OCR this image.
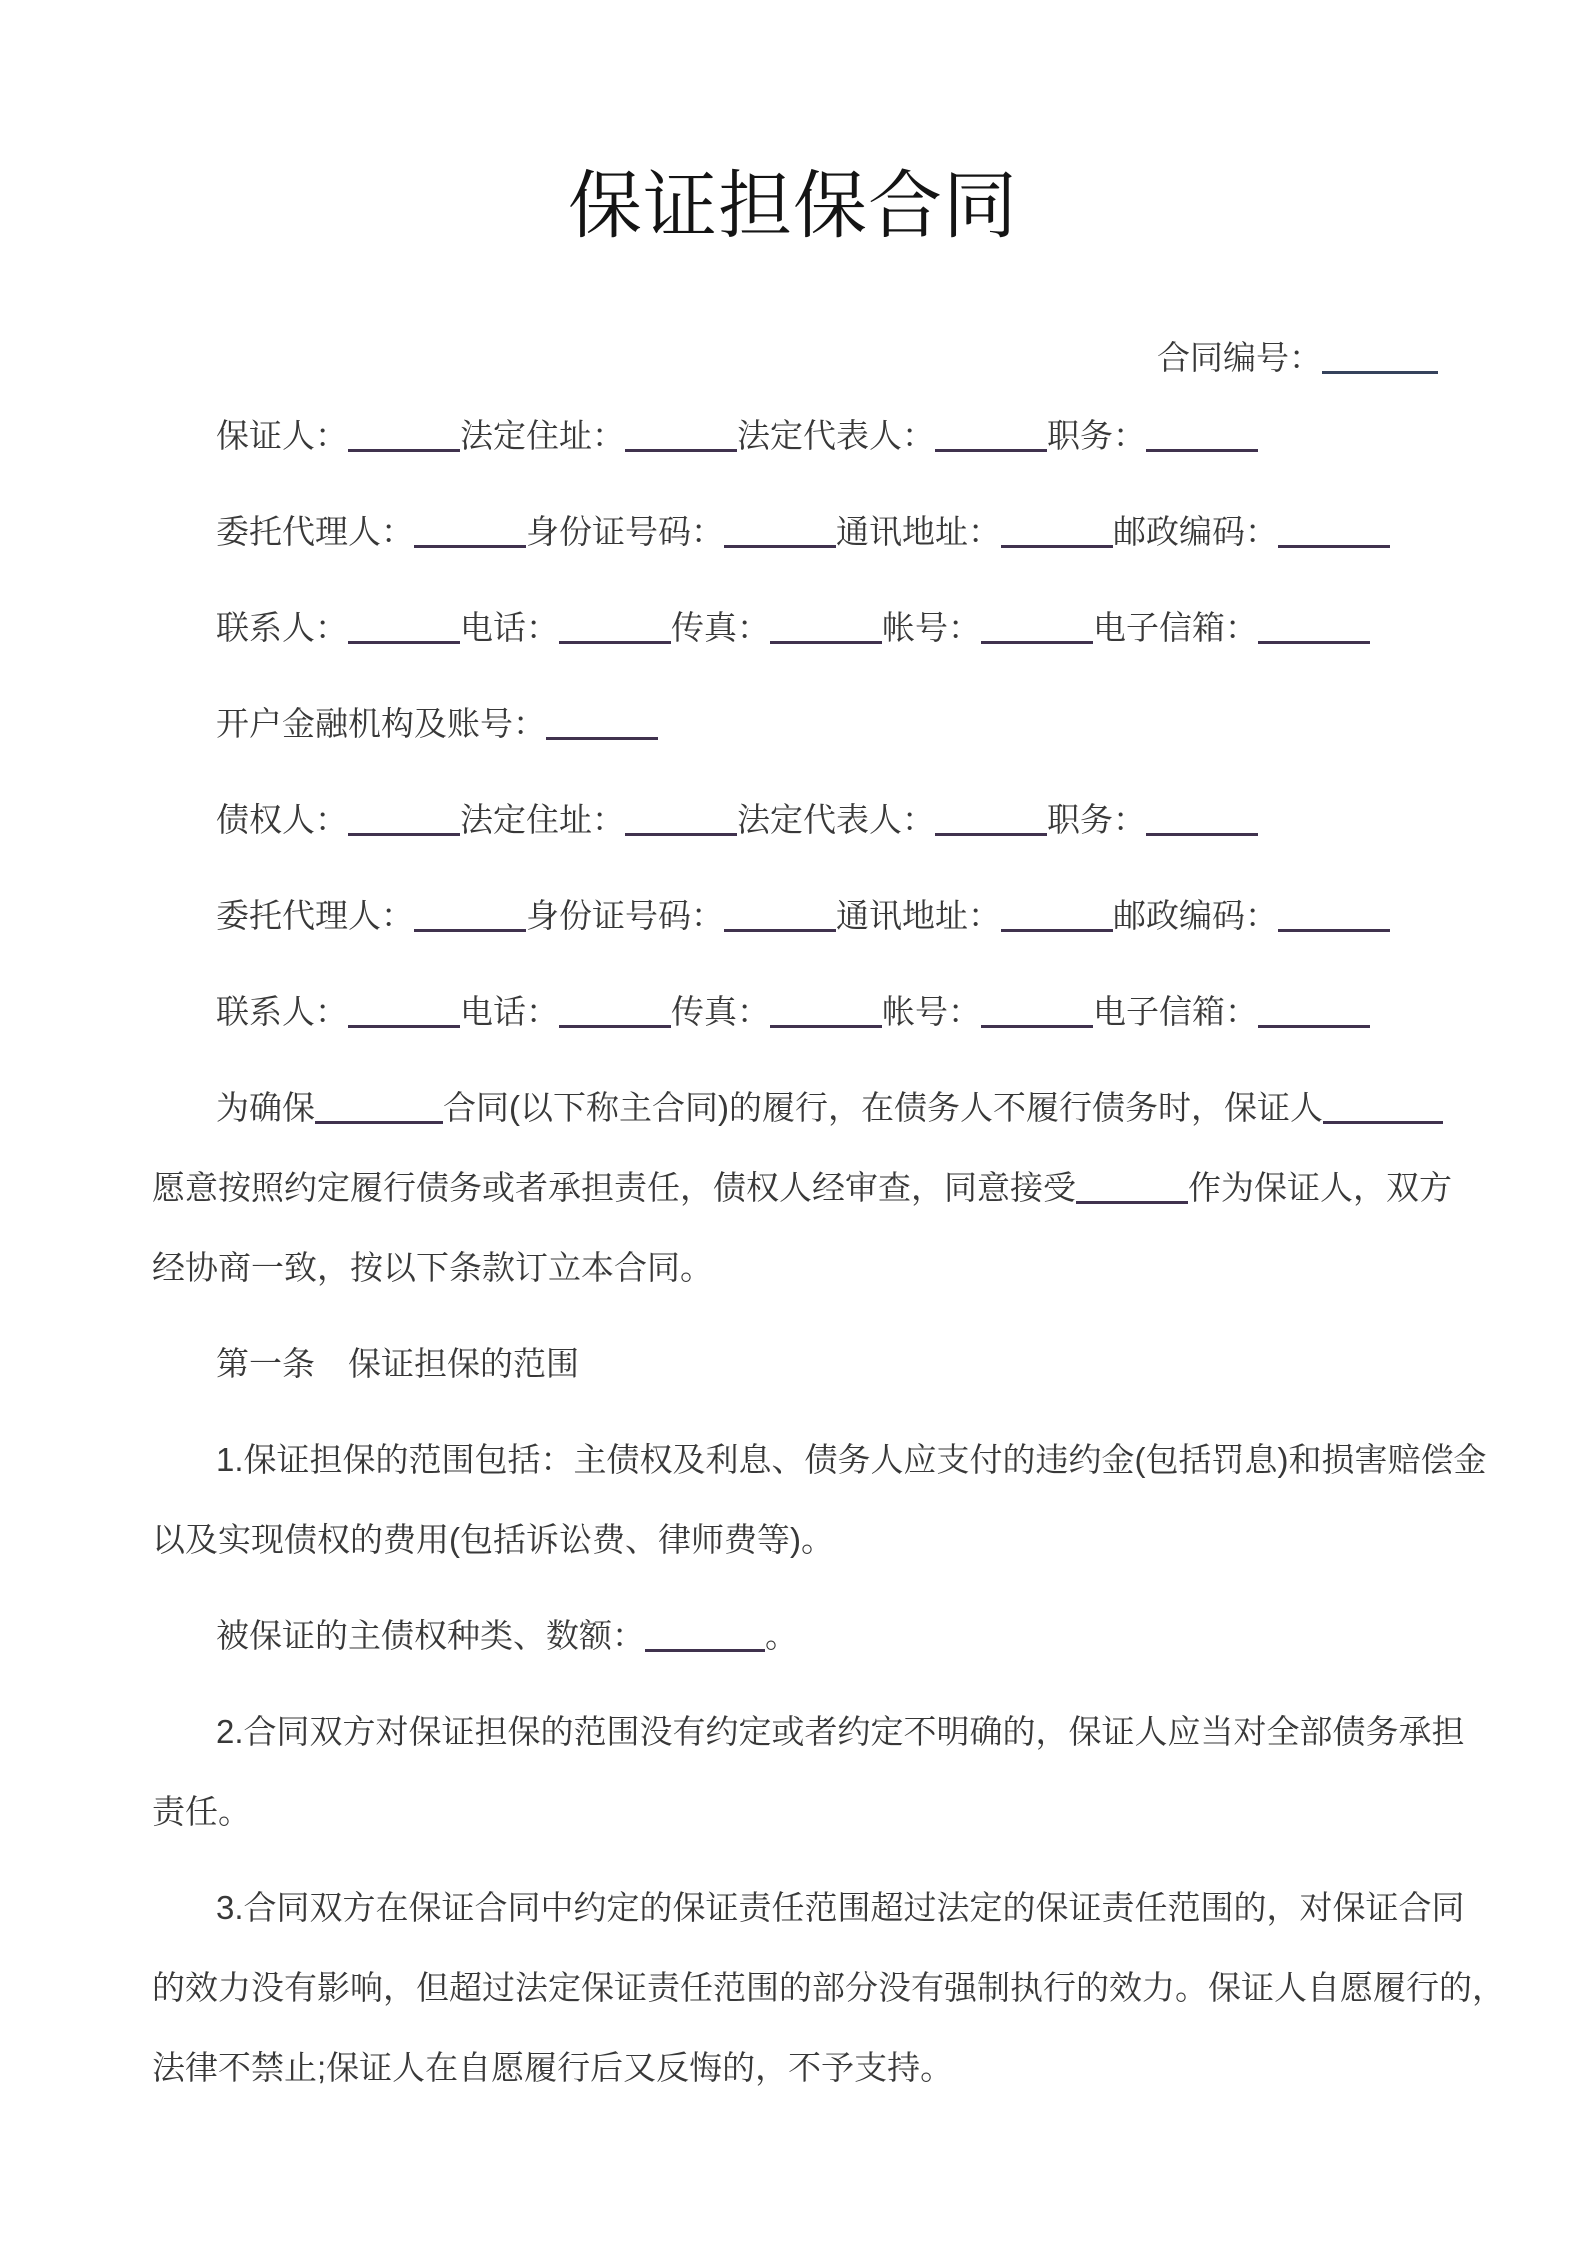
保证担保合同
合同编号：
保证人：	法定住址：	法定代表人：	职务：
委托代理人：	身份证号码：	通讯地址：	邮政编码：
联系人：	电话：	传真：	帐号：	电子信箱：
开户金融机构及账号：
债权人：	法定住址：	法定代表人：	职务：
委托代理人：	身份证号码：	通讯地址：	邮政编码：
联系人：	电话：	传真：	帐号：	电子信箱：
为确保	合同(以下称主合同)的履行，在债务人不履行债务时，保证人
愿意按照约定履行债务或者承担责任，债权人经审查，同意接受	作为保证人，双方
经协商一致，按以下条款订立本合同。
第一条　保证担保的范围
1.保证担保的范围包括：主债权及利息、债务人应支付的违约金(包括罚息)和损害赔偿金
以及实现债权的费用(包括诉讼费、律师费等)。
被保证的主债权种类、数额：	。
2.合同双方对保证担保的范围没有约定或者约定不明确的，保证人应当对全部债务承担
责任。
3.合同双方在保证合同中约定的保证责任范围超过法定的保证责任范围的，对保证合同
的效力没有影响，但超过法定保证责任范围的部分没有强制执行的效力。保证人自愿履行的，
法律不禁止;保证人在自愿履行后又反悔的，不予支持。
